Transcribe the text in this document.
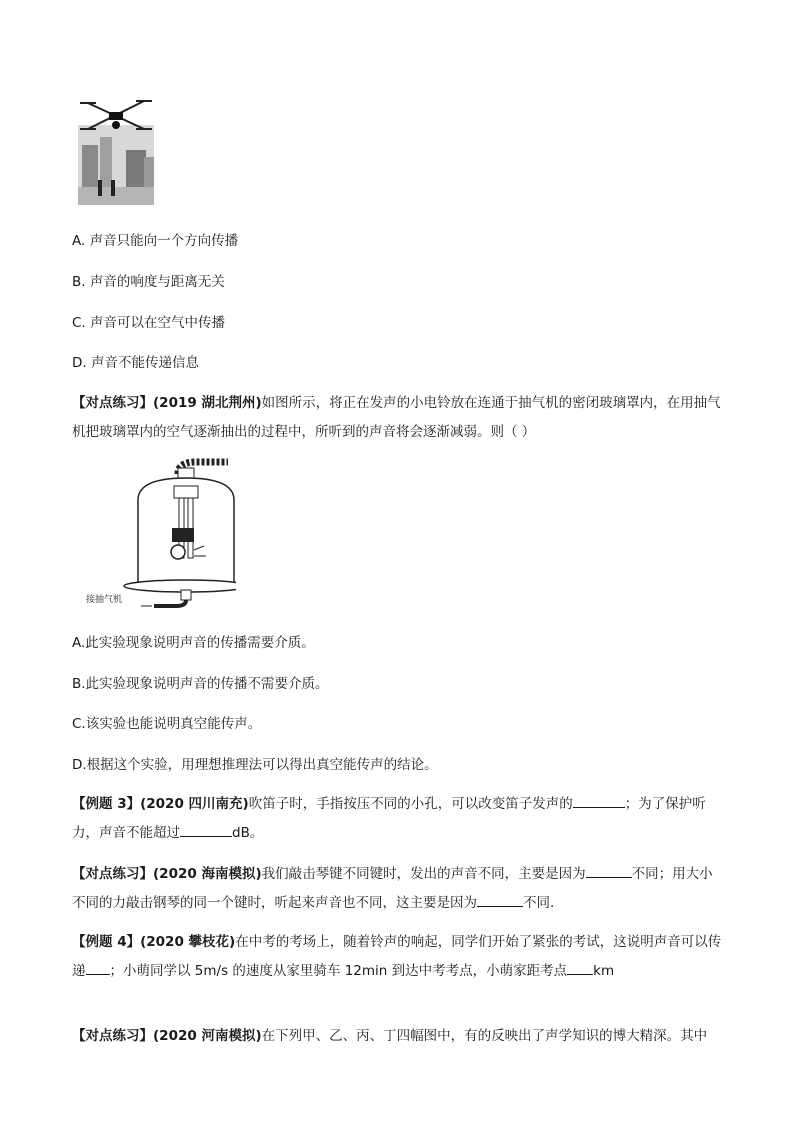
A. 声音只能向一个方向传播
B. 声音的响度与距离无关
C. 声音可以在空气中传播
D. 声音不能传递信息
【对点练习】(2019 湖北荆州)如图所示，将正在发声的小电铃放在连通于抽气机的密闭玻璃罩内，在用抽气机把玻璃罩内的空气逐渐抽出的过程中，所听到的声音将会逐渐减弱。则（ ）
接抽气机
A.此实验现象说明声音的传播需要介质。
B.此实验现象说明声音的传播不需要介质。
C.该实验也能说明真空能传声。
D.根据这个实验，用理想推理法可以得出真空能传声的结论。
【例题 3】(2020 四川南充)吹笛子时，手指按压不同的小孔，可以改变笛子发声的	；为了保护听力，声音不能超过	dB。
【对点练习】(2020 海南模拟)我们敲击琴键不同键时，发出的声音不同，主要是因为	不同；用大小不同的力敲击钢琴的同一个键时，听起来声音也不同，这主要是因为	不同.
【例题 4】(2020 攀枝花)在中考的考场上，随着铃声的响起，同学们开始了紧张的考试，这说明声音可以传递 ；小萌同学以 5m/s 的速度从家里骑车 12min 到达中考考点，小萌家距考点 km
【对点练习】(2020 河南模拟)在下列甲、乙、丙、丁四幅图中，有的反映出了声学知识的博大精深。其中
